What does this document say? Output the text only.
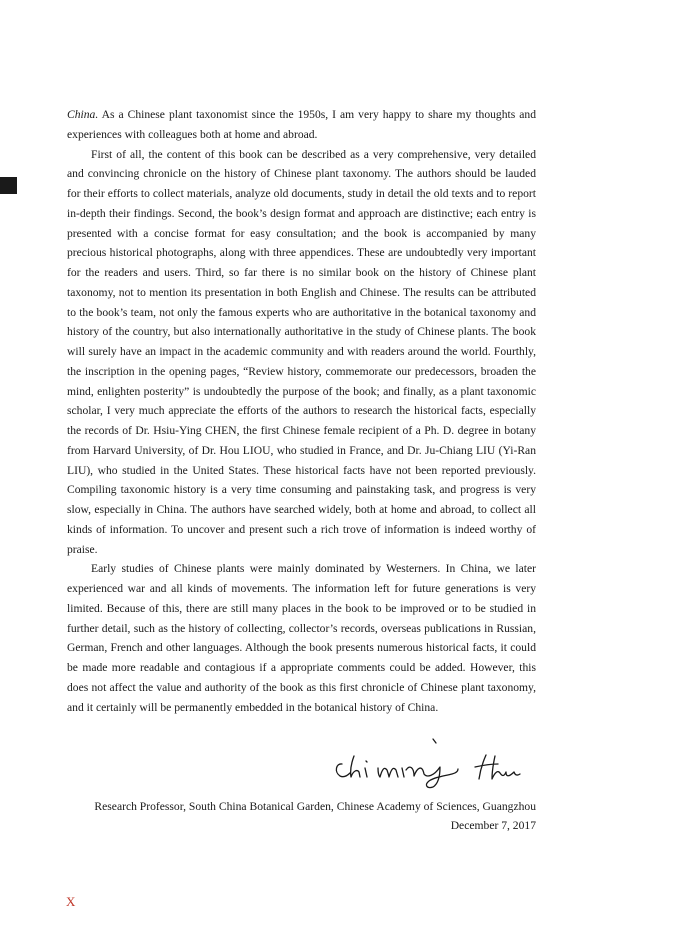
China. As a Chinese plant taxonomist since the 1950s, I am very happy to share my thoughts and experiences with colleagues both at home and abroad.

First of all, the content of this book can be described as a very comprehensive, very detailed and convincing chronicle on the history of Chinese plant taxonomy. The authors should be lauded for their efforts to collect materials, analyze old documents, study in detail the old texts and to report in-depth their findings. Second, the book’s design format and approach are distinctive; each entry is presented with a concise format for easy consultation; and the book is accompanied by many precious historical photographs, along with three appendices. These are undoubtedly very important for the readers and users. Third, so far there is no similar book on the history of Chinese plant taxonomy, not to mention its presentation in both English and Chinese. The results can be attributed to the book’s team, not only the famous experts who are authoritative in the botanical taxonomy and history of the country, but also internationally authoritative in the study of Chinese plants. The book will surely have an impact in the academic community and with readers around the world. Fourthly, the inscription in the opening pages, “Review history, commemorate our predecessors, broaden the mind, enlighten posterity” is undoubtedly the purpose of the book; and finally, as a plant taxonomic scholar, I very much appreciate the efforts of the authors to research the historical facts, especially the records of Dr. Hsiu-Ying CHEN, the first Chinese female recipient of a Ph. D. degree in botany from Harvard University, of Dr. Hou LIOU, who studied in France, and Dr. Ju-Chiang LIU (Yi-Ran LIU), who studied in the United States. These historical facts have not been reported previously. Compiling taxonomic history is a very time consuming and painstaking task, and progress is very slow, especially in China. The authors have searched widely, both at home and abroad, to collect all kinds of information. To uncover and present such a rich trove of information is indeed worthy of praise.

Early studies of Chinese plants were mainly dominated by Westerners. In China, we later experienced war and all kinds of movements. The information left for future generations is very limited. Because of this, there are still many places in the book to be improved or to be studied in further detail, such as the history of collecting, collector’s records, overseas publications in Russian, German, French and other languages. Although the book presents numerous historical facts, it could be made more readable and contagious if a appropriate comments could be added. However, this does not affect the value and authority of the book as this first chronicle of Chinese plant taxonomy, and it certainly will be permanently embedded in the botanical history of China.

Research Professor, South China Botanical Garden, Chinese Academy of Sciences, Guangzhou
December 7, 2017
X
